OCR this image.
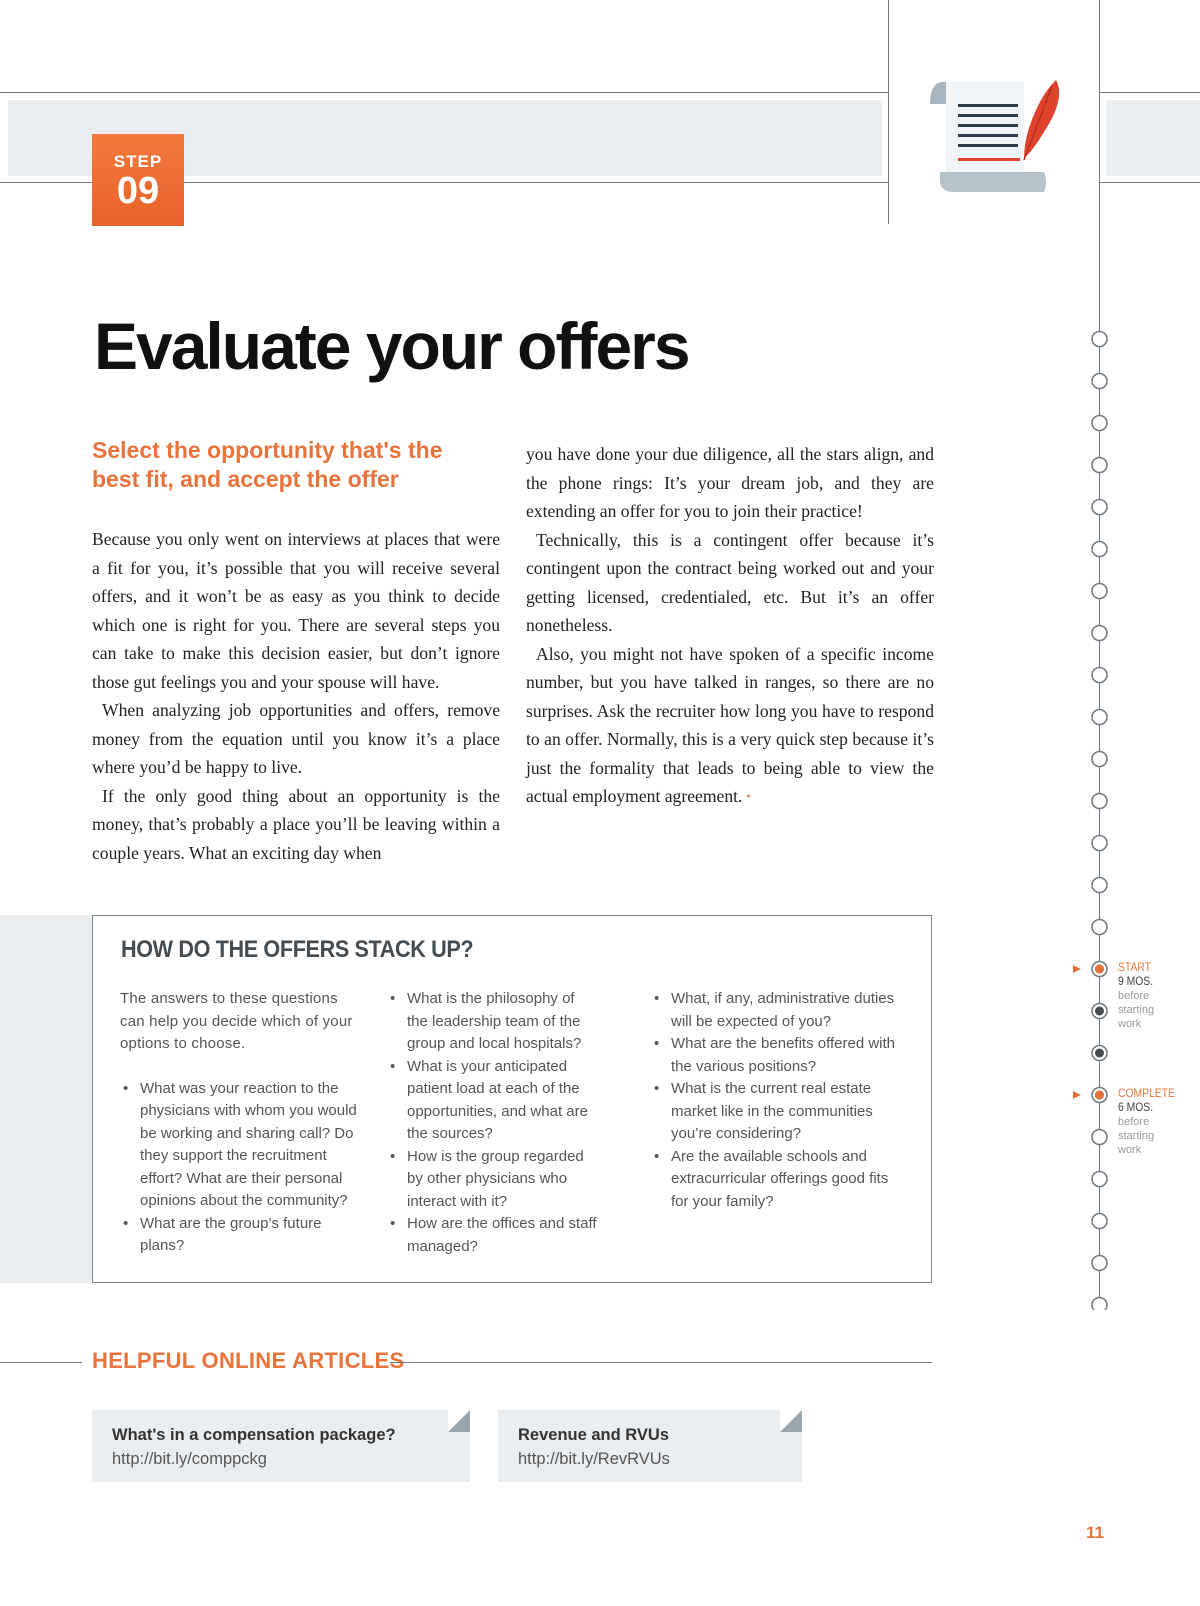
STEP
09
Evaluate your offers
Select the opportunity that's the best fit, and accept the offer

Because you only went on interviews at places that were a fit for you, it’s possible that you will receive several offers, and it won’t be as easy as you think to decide which one is right for you. There are several steps you can take to make this decision easier, but don’t ignore those gut feelings you and your spouse will have.

When analyzing job opportunities and offers, remove money from the equation until you know it’s a place where you’d be happy to live.

If the only good thing about an opportunity is the money, that’s probably a place you’ll be leaving within a couple years. What an exciting day when

you have done your due diligence, all the stars align, and the phone rings: It’s your dream job, and they are extending an offer for you to join their practice!

Technically, this is a contingent offer because it’s contingent upon the contract being worked out and your getting licensed, credentialed, etc. But it’s an offer nonetheless.

Also, you might not have spoken of a specific income number, but you have talked in ranges, so there are no surprises. Ask the recruiter how long you have to respond to an offer. Normally, this is a very quick step because it’s just the formality that leads to being able to view the actual employment agreement. •

HOW DO THE OFFERS STACK UP?

The answers to these questions can help you decide which of your options to choose.

• What was your reaction to the physicians with whom you would be working and sharing call? Do they support the recruitment effort? What are their personal opinions about the community?
• What are the group’s future plans?
• What is the philosophy of the leadership team of the group and local hospitals?
• What is your anticipated patient load at each of the opportunities, and what are the sources?
• How is the group regarded by other physicians who interact with it?
• How are the offices and staff managed?
• What, if any, administrative duties will be expected of you?
• What are the benefits offered with the various positions?
• What is the current real estate market like in the communities you’re considering?
• Are the available schools and extracurricular offerings good fits for your family?
HELPFUL ONLINE ARTICLES
What's in a compensation package?
http://bit.ly/comppckg
Revenue and RVUs
http://bit.ly/RevRVUs
START
9 MOS.
before
starting
work
COMPLETE
6 MOS.
before
starting
work
11
